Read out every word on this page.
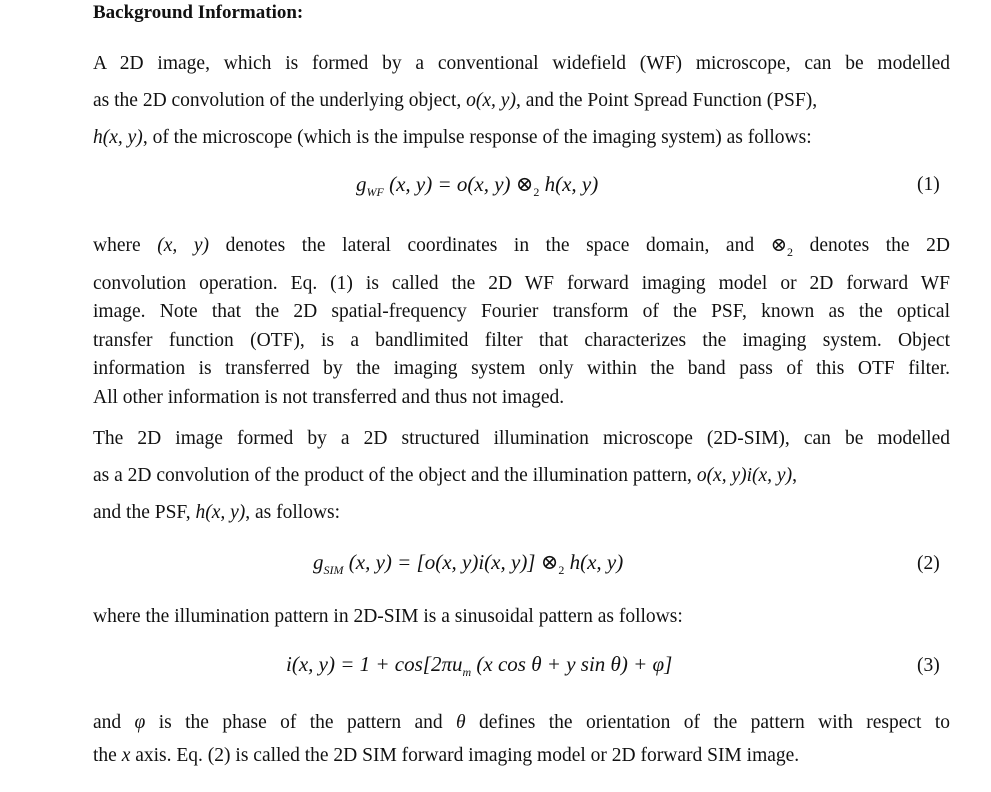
Background Information:
A 2D image, which is formed by a conventional widefield (WF) microscope, can be modelled
as the 2D convolution of the underlying object, o(x, y), and the Point Spread Function (PSF),
h(x, y), of the microscope (which is the impulse response of the imaging system) as follows:
$g_{WF}$ (x, y) = o(x, y) $\otimes_2$ h(x, y)	(1)
where (x, y) denotes the lateral coordinates in the space domain, and $\otimes_2$ denotes the 2D
convolution operation. Eq. (1) is called the 2D WF forward imaging model or 2D forward WF
image. Note that the 2D spatial-frequency Fourier transform of the PSF, known as the optical
transfer function (OTF), is a bandlimited filter that characterizes the imaging system. Object
information is transferred by the imaging system only within the band pass of this OTF filter.
All other information is not transferred and thus not imaged.
The 2D image formed by a 2D structured illumination microscope (2D-SIM), can be modelled
as a 2D convolution of the product of the object and the illumination pattern, o(x, y)i(x, y),
and the PSF, h(x, y), as follows:
$g_{SIM}$ (x, y) = [o(x, y)i(x, y)] $\otimes_2$ h(x, y)	(2)
where the illumination pattern in 2D-SIM is a sinusoidal pattern as follows:
i(x, $y) = 1 + \cos[2\pi u_m$ (x cos θ + y sin θ) + φ]	(3)
and φ is the phase of the pattern and θ defines the orientation of the pattern with respect to
the x axis. Eq. (2) is called the 2D SIM forward imaging model or 2D forward SIM image.
